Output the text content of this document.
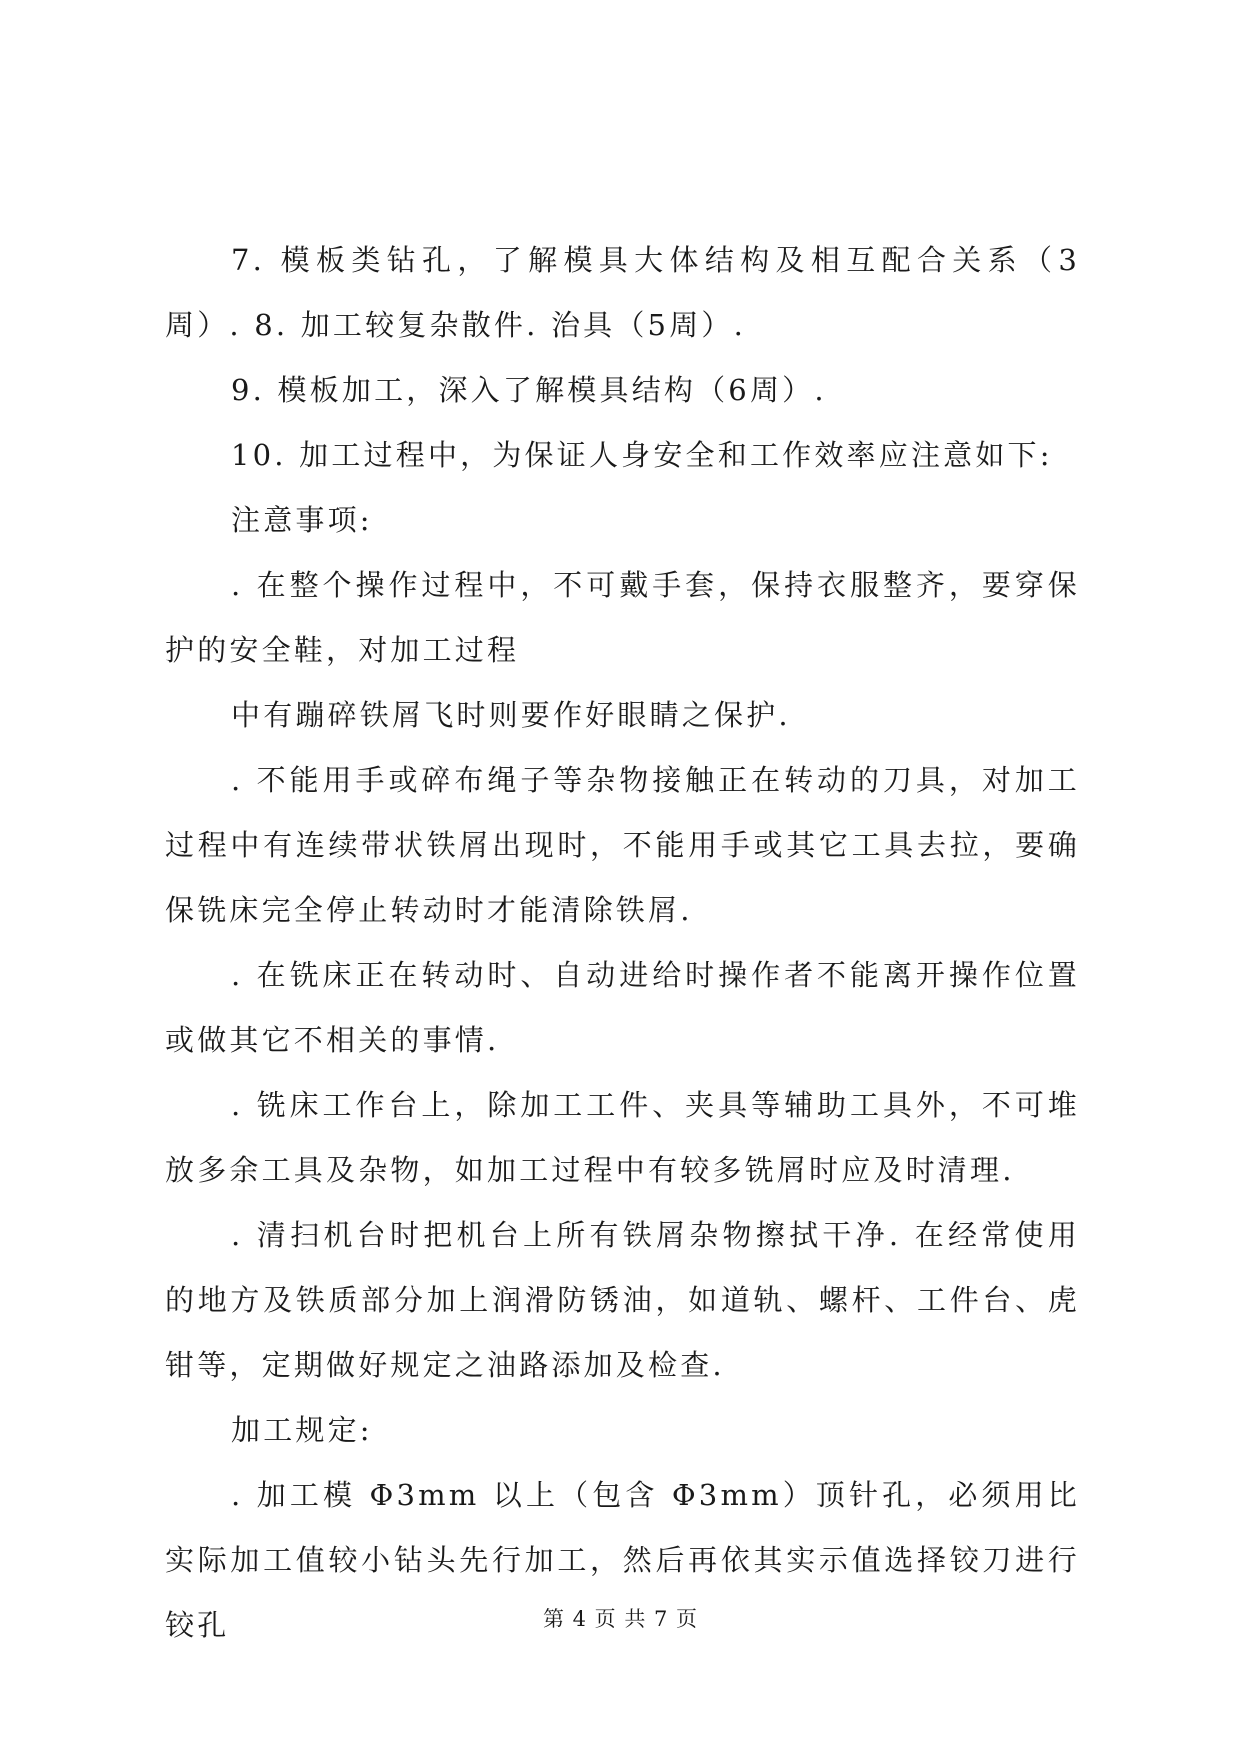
7. 模板类钻孔，了解模具大体结构及相互配合关系（3周）. 8. 加工较复杂散件. 治具（5周）.

9. 模板加工，深入了解模具结构（6周）.

10. 加工过程中，为保证人身安全和工作效率应注意如下:

注意事项:

. 在整个操作过程中，不可戴手套，保持衣服整齐，要穿保护的安全鞋，对加工过程

中有蹦碎铁屑飞时则要作好眼睛之保护.

. 不能用手或碎布绳子等杂物接触正在转动的刀具，对加工过程中有连续带状铁屑出现时，不能用手或其它工具去拉，要确保铣床完全停止转动时才能清除铁屑.

. 在铣床正在转动时、自动进给时操作者不能离开操作位置或做其它不相关的事情.

. 铣床工作台上，除加工工件、夹具等辅助工具外，不可堆放多余工具及杂物，如加工过程中有较多铣屑时应及时清理.

. 清扫机台时把机台上所有铁屑杂物擦拭干净. 在经常使用的地方及铁质部分加上润滑防锈油，如道轨、螺杆、工件台、虎钳等，定期做好规定之油路添加及检查.

加工规定:

. 加工模 Φ3mm 以上（包含 Φ3mm）顶针孔，必须用比实际加工值较小钻头先行加工，然后再依其实示值选择铰刀进行铰孔	第 4 页 共 7 页
